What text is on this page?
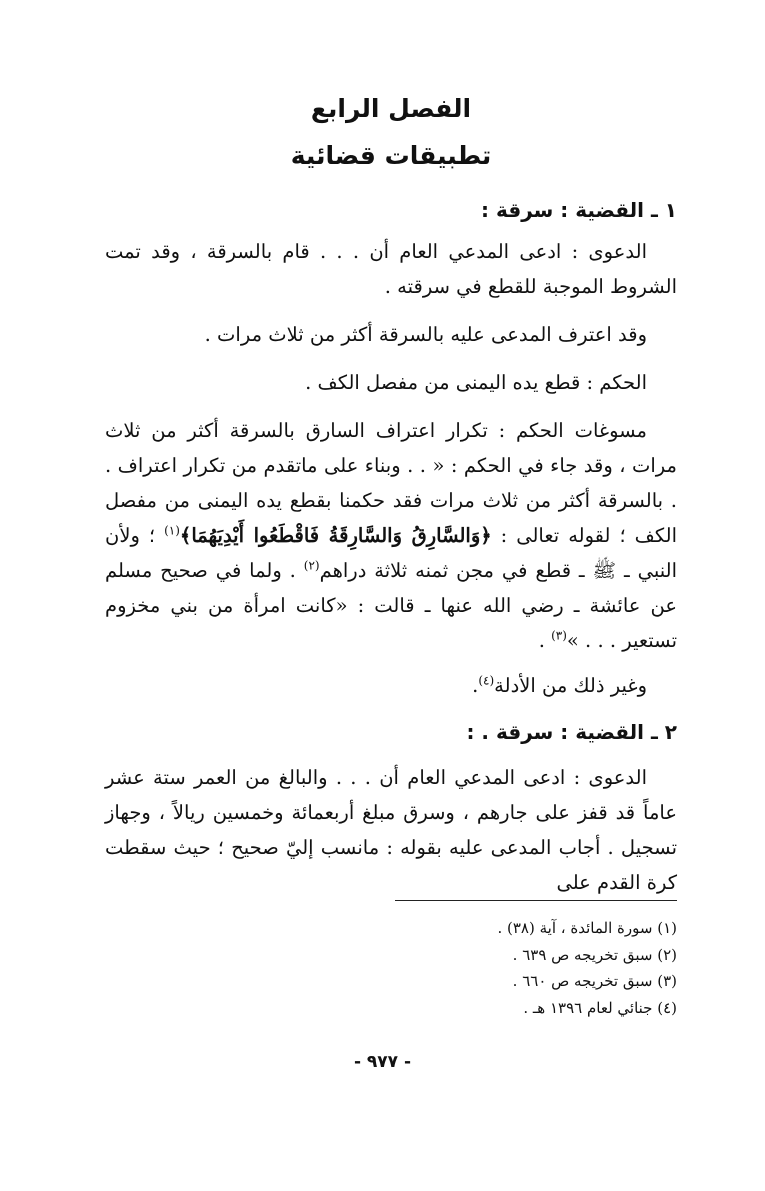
الفصل الرابع
تطبيقات قضائية
١ ـ القضية : سرقة :

الدعوى : ادعى المدعي العام أن . . . قام بالسرقة ، وقد تمت الشروط الموجبة للقطع في سرقته .

وقد اعترف المدعى عليه بالسرقة أكثر من ثلاث مرات .

الحكم : قطع يده اليمنى من مفصل الكف .

مسوغات الحكم : تكرار اعتراف السارق بالسرقة أكثر من ثلاث مرات ، وقد جاء في الحكم : « . . وبناء على ماتقدم من تكرار اعتراف . . بالسرقة أكثر من ثلاث مرات فقد حكمنا بقطع يده اليمنى من مفصل الكف ؛ لقوله تعالى : ﴿وَالسَّارِقُ وَالسَّارِقَةُ فَاقْطَعُوا أَيْدِيَهُمَا﴾$^{(١)}$ ؛ ولأن النبي ـ ﷺ ـ قطع في مجن ثمنه ثلاثة دراهم$^{(٢)}$ . ولما في صحيح مسلم عن عائشة ـ رضي الله عنها ـ قالت : «كانت امرأة من بني مخزوم تستعير . . . »$^{(٣)}$ .

وغير ذلك من الأدلة$^{(٤)}$.

٢ ـ القضية : سرقة . :

الدعوى : ادعى المدعي العام أن . . . والبالغ من العمر ستة عشر عاماً قد قفز على جارهم ، وسرق مبلغ أربعمائة وخمسين ريالاً ، وجهاز تسجيل . أجاب المدعى عليه بقوله : مانسب إليّ صحيح ؛ حيث سقطت كرة القدم على

(١) سورة المائدة ، آية (٣٨) .

(٢) سبق تخريجه ص ٦٣٩ .

(٣) سبق تخريجه ص ٦٦٠ .

(٤) جنائي لعام ١٣٩٦ هـ .

- ٩٧٧ -
